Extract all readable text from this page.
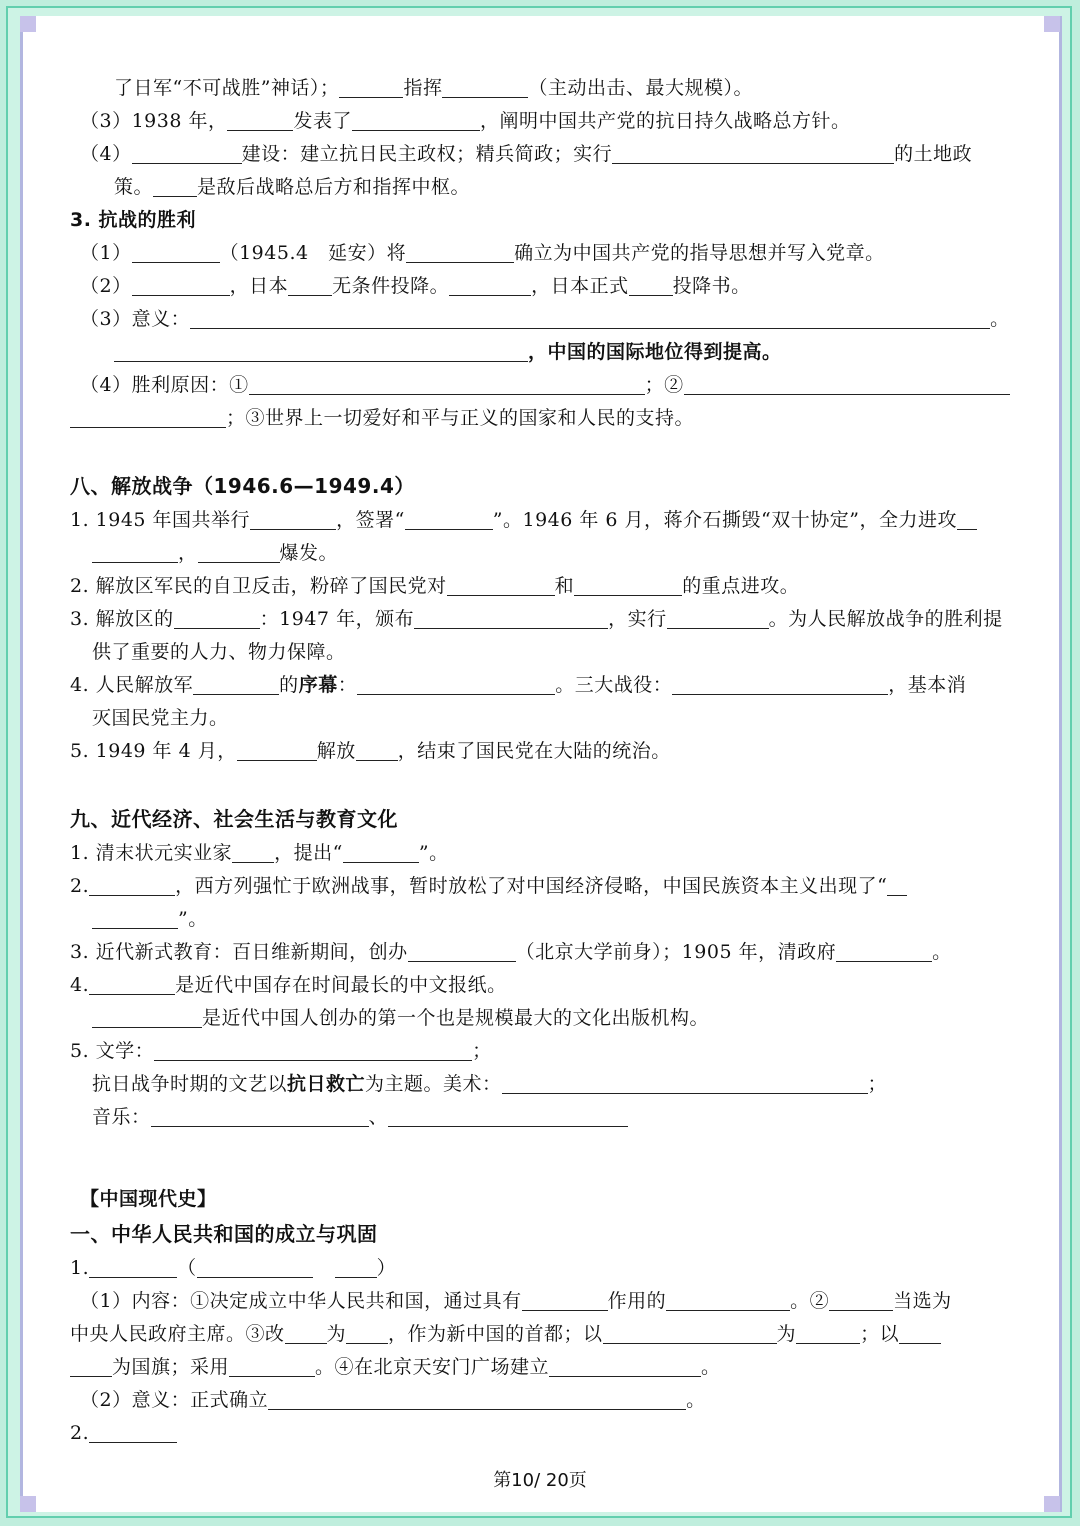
了日军“不可战胜”神话）；	指挥	（主动出击、最大规模）。
（3）1938 年，	发表了	，阐明中国共产党的抗日持久战略总方针。
（4）	建设：建立抗日民主政权；精兵简政；实行	的土地政
策。 是敌后战略总后方和指挥中枢。
3. 抗战的胜利
（1）	（1945.4　延安）将	确立为中国共产党的指导思想并写入党章。
（2）	，日本 无条件投降。	，日本正式 投降书。
（3）意义：	。
，中国的国际地位得到提高。
（4）胜利原因：①	；②
；③世界上一切爱好和平与正义的国家和人民的支持。
八、解放战争（1946.6—1949.4）
1. 1945 年国共举行	，签署“	”。1946 年 6 月，蒋介石撕毁“双十协定”，全力进攻
，	爆发。
2. 解放区军民的自卫反击，粉碎了国民党对	和	的重点进攻。
3. 解放区的	：1947 年，颁布	，实行	。为人民解放战争的胜利提
供了重要的人力、物力保障。
4. 人民解放军	的序幕：	。三大战役：	，基本消
灭国民党主力。
5. 1949 年 4 月，	解放 ，结束了国民党在大陆的统治。
九、近代经济、社会生活与教育文化
1. 清末状元实业家 ，提出“	”。
2.	，西方列强忙于欧洲战事，暂时放松了对中国经济侵略，中国民族资本主义出现了“
”。
3. 近代新式教育：百日维新期间，创办	（北京大学前身）；1905 年，清政府	。
4.	是近代中国存在时间最长的中文报纸。
是近代中国人创办的第一个也是规模最大的文化出版机构。
5. 文学：	；
抗日战争时期的文艺以抗日救亡为主题。美术：	；
音乐：	、
【中国现代史】
一、中华人民共和国的成立与巩固
1.	（	）
（1）内容：①决定成立中华人民共和国，通过具有	作用的	。②	当选为
中央人民政府主席。③改 为 ，作为新中国的首都；以	为	；以
为国旗；采用	。④在北京天安门广场建立	。
（2）意义：正式确立	。
2.
第10/ 20页
